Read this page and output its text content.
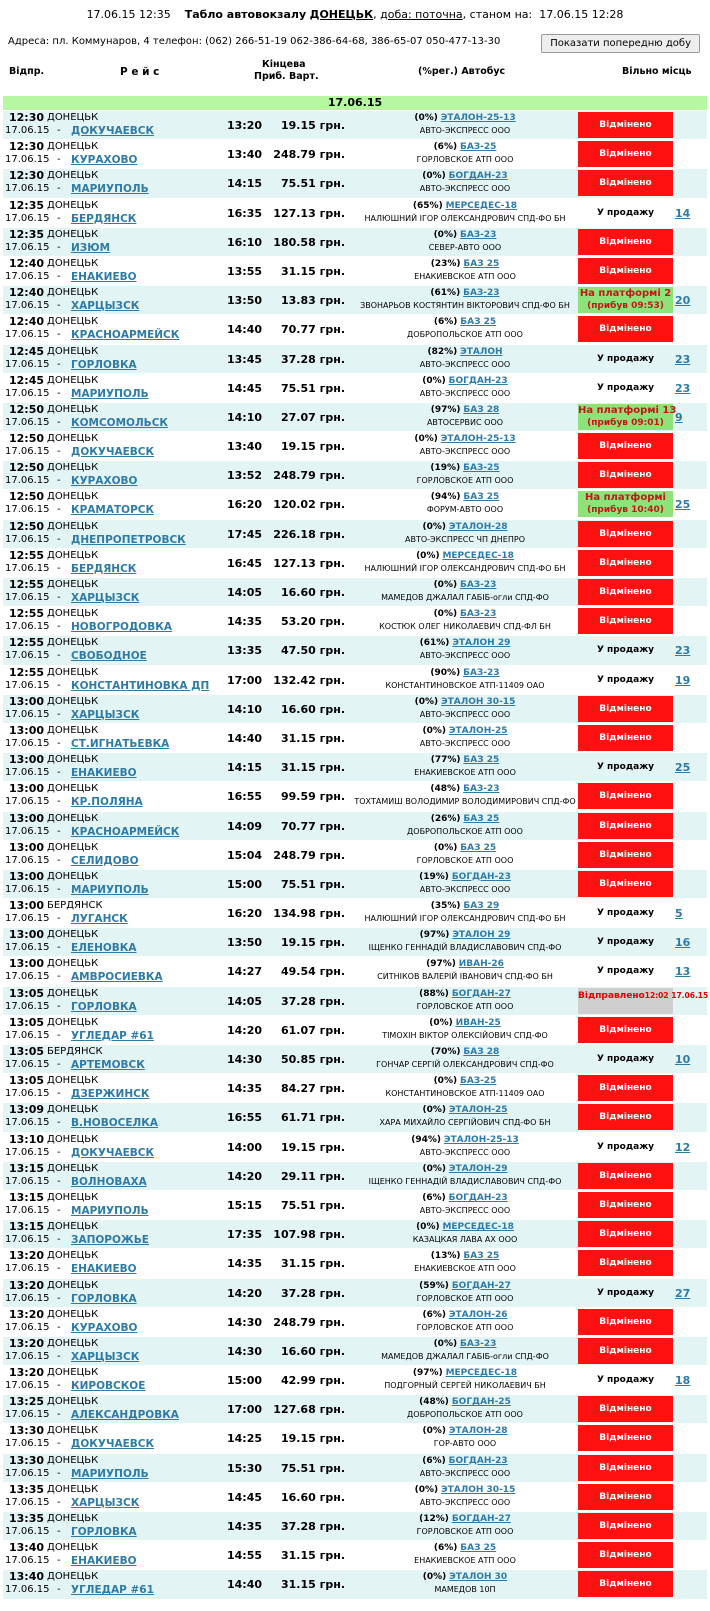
17.06.15 12:35 Табло автовокзалу ДОНЕЦЬК, доба: поточна, станом на: 17.06.15 12:28
Адреса: пл. Коммунаров, 4 телефон: (062) 266-51-19 062-386-64-68, 386-65-07 050-477-13-30	Показати попередню добу
Відпр.	Р е й с
Кінцева
Приб. Варт.	(%рег.) Автобус	Вільно місць
17.06.15
12:30 ДОНЕЦЬК
17.06.15 - ДОКУЧАЕВСК	13:20	19.15 грн.
(0%) ЭТАЛОН-25-13
АВТО-ЭКСПРЕСС ООО
Відмінено
12:30 ДОНЕЦЬК
17.06.15 - КУРАХОВО	13:40	248.79 грн.
(6%) БАЗ-25
ГОРЛОВСКОЕ АТП ООО
Відмінено
12:30 ДОНЕЦЬК
17.06.15 - МАРИУПОЛЬ	14:15	75.51 грн.
(0%) БОГДАН-23
АВТО-ЭКСПРЕСС ООО
Відмінено
12:35 ДОНЕЦЬК
17.06.15 - БЕРДЯНСК	16:35	127.13 грн.
(65%) МЕРСЕДЕС-18
НАЛЮШНИЙ ІГОР ОЛЕКСАНДРОВИЧ СПД-ФО БН
У продажу	14
12:35 ДОНЕЦЬК
17.06.15 - ИЗЮМ	16:10	180.58 грн.
(0%) БАЗ-23
СЕВЕР-АВТО ООО
Відмінено
12:40 ДОНЕЦЬК
17.06.15 - ЕНАКИЕВО	13:55	31.15 грн.
(23%) БАЗ 25
ЕНАКИЕВСКОЕ АТП ООО
Відмінено
12:40 ДОНЕЦЬК
17.06.15 - ХАРЦЫЗСК	13:50	13.83 грн.
(61%) БАЗ-23
ЗВОНАРЬОВ КОСТЯНТИН ВІКТОРОВИЧ СПД-ФО БН
На платформі 2
(прибув 09:53)	20
12:40 ДОНЕЦЬК
17.06.15 - КРАСНОАРМЕЙСК	14:40	70.77 грн.
(6%) БАЗ 25
ДОБРОПОЛЬСКОЕ АТП ООО
Відмінено
12:45 ДОНЕЦЬК
17.06.15 - ГОРЛОВКА	13:45	37.28 грн.
(82%) ЭТАЛОН
АВТО-ЭКСПРЕСС ООО
У продажу	23
12:45 ДОНЕЦЬК
17.06.15 - МАРИУПОЛЬ	14:45	75.51 грн.
(0%) БОГДАН-23
АВТО-ЭКСПРЕСС ООО
У продажу	23
12:50 ДОНЕЦЬК
17.06.15 - КОМСОМОЛЬСК	14:10	27.07 грн.
(97%) БАЗ 28
АВТОСЕРВИС ООО
На платформі 13
(прибув 09:01)	9
12:50 ДОНЕЦЬК
17.06.15 - ДОКУЧАЕВСК	13:40	19.15 грн.
(0%) ЭТАЛОН-25-13
АВТО-ЭКСПРЕСС ООО
Відмінено
12:50 ДОНЕЦЬК
17.06.15 - КУРАХОВО	13:52	248.79 грн.
(19%) БАЗ-25
ГОРЛОВСКОЕ АТП ООО
Відмінено
12:50 ДОНЕЦЬК
17.06.15 - КРАМАТОРСК	16:20	120.02 грн.
(94%) БАЗ 25
ФОРУМ-АВТО ООО
На платформі
(прибув 10:40)	25
12:50 ДОНЕЦЬК
17.06.15 - ДНЕПРОПЕТРОВСК	17:45	226.18 грн.
(0%) ЭТАЛОН-28
АВТО-ЭКСПРЕСС ЧП ДНЕПРО
Відмінено
12:55 ДОНЕЦЬК
17.06.15 - БЕРДЯНСК	16:45	127.13 грн.
(0%) МЕРСЕДЕС-18
НАЛЮШНИЙ ІГОР ОЛЕКСАНДРОВИЧ СПД-ФО БН
Відмінено
12:55 ДОНЕЦЬК
17.06.15 - ХАРЦЫЗСК	14:05	16.60 грн.
(0%) БАЗ-23
МАМЕДОВ ДЖАЛАЛ ГАБІБ-огли СПД-ФО
Відмінено
12:55 ДОНЕЦЬК
17.06.15 - НОВОГРОДОВКА	14:35	53.20 грн.
(0%) БАЗ-23
КОСТЮК ОЛЕГ НИКОЛАЕВИЧ СПД-ФЛ БН
Відмінено
12:55 ДОНЕЦЬК
17.06.15 - СВОБОДНОЕ	13:35	47.50 грн.
(61%) ЭТАЛОН 29
АВТО-ЭКСПРЕСС ООО
У продажу	23
12:55 ДОНЕЦЬК
17.06.15 - КОНСТАНТИНОВКА ДП 17:00	132.42 грн.
(90%) БАЗ-23
КОНСТАНТИНОВСКОЕ АТП-11409 ОАО
У продажу	19
13:00 ДОНЕЦЬК
17.06.15 - ХАРЦЫЗСК	14:10	16.60 грн.
(0%) ЭТАЛОН 30-15
АВТО-ЭКСПРЕСС ООО
Відмінено
13:00 ДОНЕЦЬК
17.06.15 - СТ.ИГНАТЬЕВКА	14:40	31.15 грн.
(0%) ЭТАЛОН-25
АВТО-ЭКСПРЕСС ООО
Відмінено
13:00 ДОНЕЦЬК
17.06.15 - ЕНАКИЕВО	14:15	31.15 грн.
(77%) БАЗ 25
ЕНАКИЕВСКОЕ АТП ООО
У продажу	25
13:00 ДОНЕЦЬК
17.06.15 - КР.ПОЛЯНА	16:55	99.59 грн.
(48%) БАЗ-23
ТОХТАМИШ ВОЛОДИМИР ВОЛОДИМИРОВИЧ СПД-ФО
Відмінено
13:00 ДОНЕЦЬК
17.06.15 - КРАСНОАРМЕЙСК	14:09	70.77 грн.
(26%) БАЗ 25
ДОБРОПОЛЬСКОЕ АТП ООО
Відмінено
13:00 ДОНЕЦЬК
17.06.15 - СЕЛИДОВО	15:04	248.79 грн.
(0%) БАЗ 25
ГОРЛОВСКОЕ АТП ООО
Відмінено
13:00 ДОНЕЦЬК
17.06.15 - МАРИУПОЛЬ	15:00	75.51 грн.
(19%) БОГДАН-23
АВТО-ЭКСПРЕСС ООО
Відмінено
13:00 БЕРДЯНСК
17.06.15 - ЛУГАНСК	16:20	134.98 грн.
(35%) БАЗ 29
НАЛЮШНИЙ ІГОР ОЛЕКСАНДРОВИЧ СПД-ФО БН
У продажу	5
13:00 ДОНЕЦЬК
17.06.15 - ЕЛЕНОВКА	13:50	19.15 грн.
(97%) ЭТАЛОН 29
ІЩЕНКО ГЕННАДІЙ ВЛАДИСЛАВОВИЧ СПД-ФО
У продажу	16
13:00 ДОНЕЦЬК
17.06.15 - АМВРОСИЕВКА	14:27	49.54 грн.
(97%) ИВАН-26
СИТНІКОВ ВАЛЕРІЙ ІВАНОВИЧ СПД-ФО БН
У продажу	13
13:05 ДОНЕЦЬК
17.06.15 - ГОРЛОВКА	14:05	37.28 грн.
(88%) БОГДАН-27
ГОРЛОВСКОЕ АТП ООО
Відправлено12:02 17.06.15
13:05 ДОНЕЦЬК
17.06.15 - УГЛЕДАР #61	14:20	61.07 грн.
(0%) ИВАН-25
ТІМОХІН ВІКТОР ОЛЕКСІЙОВИЧ СПД-ФО
Відмінено
13:05 БЕРДЯНСК
17.06.15 - АРТЕМОВСК	14:30	50.85 грн.
(70%) БАЗ 28
ГОНЧАР СЕРГІЙ ОЛЕКСАНДРОВИЧ СПД-ФО
У продажу	10
13:05 ДОНЕЦЬК
17.06.15 - ДЗЕРЖИНСК	14:35	84.27 грн.
(0%) БАЗ-25
КОНСТАНТИНОВСКОЕ АТП-11409 ОАО
Відмінено
13:09 ДОНЕЦЬК
17.06.15 - В.НОВОСЕЛКА	16:55	61.71 грн.
(0%) ЭТАЛОН-25
ХАРА МИХАЙЛО СЕРГІЙОВИЧ СПД-ФО БН
Відмінено
13:10 ДОНЕЦЬК
17.06.15 - ДОКУЧАЕВСК	14:00	19.15 грн.
(94%) ЭТАЛОН-25-13
АВТО-ЭКСПРЕСС ООО
У продажу	12
13:15 ДОНЕЦЬК
17.06.15 - ВОЛНОВАХА	14:20	29.11 грн.
(0%) ЭТАЛОН-29
ІЩЕНКО ГЕННАДІЙ ВЛАДИСЛАВОВИЧ СПД-ФО
Відмінено
13:15 ДОНЕЦЬК
17.06.15 - МАРИУПОЛЬ	15:15	75.51 грн.
(6%) БОГДАН-23
АВТО-ЭКСПРЕСС ООО
Відмінено
13:15 ДОНЕЦЬК
17.06.15 - ЗАПОРОЖЬЕ	17:35	107.98 грн.
(0%) МЕРСЕДЕС-18
КАЗАЦКАЯ ЛАВА АХ ООО
Відмінено
13:20 ДОНЕЦЬК
17.06.15 - ЕНАКИЕВО	14:35	31.15 грн.
(13%) БАЗ 25
ЕНАКИЕВСКОЕ АТП ООО
Відмінено
13:20 ДОНЕЦЬК
17.06.15 - ГОРЛОВКА	14:20	37.28 грн.
(59%) БОГДАН-27
ГОРЛОВСКОЕ АТП ООО
У продажу	27
13:20 ДОНЕЦЬК
17.06.15 - КУРАХОВО	14:30	248.79 грн.
(6%) ЭТАЛОН-26
ГОРЛОВСКОЕ АТП ООО
Відмінено
13:20 ДОНЕЦЬК
17.06.15 - ХАРЦЫЗСК	14:30	16.60 грн.
(0%) БАЗ-23
МАМЕДОВ ДЖАЛАЛ ГАБІБ-огли СПД-ФО
Відмінено
13:20 ДОНЕЦЬК
17.06.15 - КИРОВСКОЕ	15:00	42.99 грн.
(97%) МЕРСЕДЕС-18
ПОДГОРНЫЙ СЕРГЕЙ НИКОЛАЕВИЧ БН
У продажу	18
13:25 ДОНЕЦЬК
17.06.15 - АЛЕКСАНДРОВКА	17:00	127.68 грн.
(48%) БОГДАН-25
ДОБРОПОЛЬСКОЕ АТП ООО
Відмінено
13:30 ДОНЕЦЬК
17.06.15 - ДОКУЧАЕВСК	14:25	19.15 грн.
(0%) ЭТАЛОН-28
ГОР-АВТО ООО
Відмінено
13:30 ДОНЕЦЬК
17.06.15 - МАРИУПОЛЬ	15:30	75.51 грн.
(6%) БОГДАН-23
АВТО-ЭКСПРЕСС ООО
Відмінено
13:35 ДОНЕЦЬК
17.06.15 - ХАРЦЫЗСК	14:45	16.60 грн.
(0%) ЭТАЛОН 30-15
АВТО-ЭКСПРЕСС ООО
Відмінено
13:35 ДОНЕЦЬК
17.06.15 - ГОРЛОВКА	14:35	37.28 грн.
(12%) БОГДАН-27
ГОРЛОВСКОЕ АТП ООО
Відмінено
13:40 ДОНЕЦЬК
17.06.15 - ЕНАКИЕВО	14:55	31.15 грн.
(6%) БАЗ 25
ЕНАКИЕВСКОЕ АТП ООО
Відмінено
13:40 ДОНЕЦЬК
17.06.15 - УГЛЕДАР #61	14:40	31.15 грн.
(0%) ЭТАЛОН 30
МАМЕДОВ 10П
Відмінено
